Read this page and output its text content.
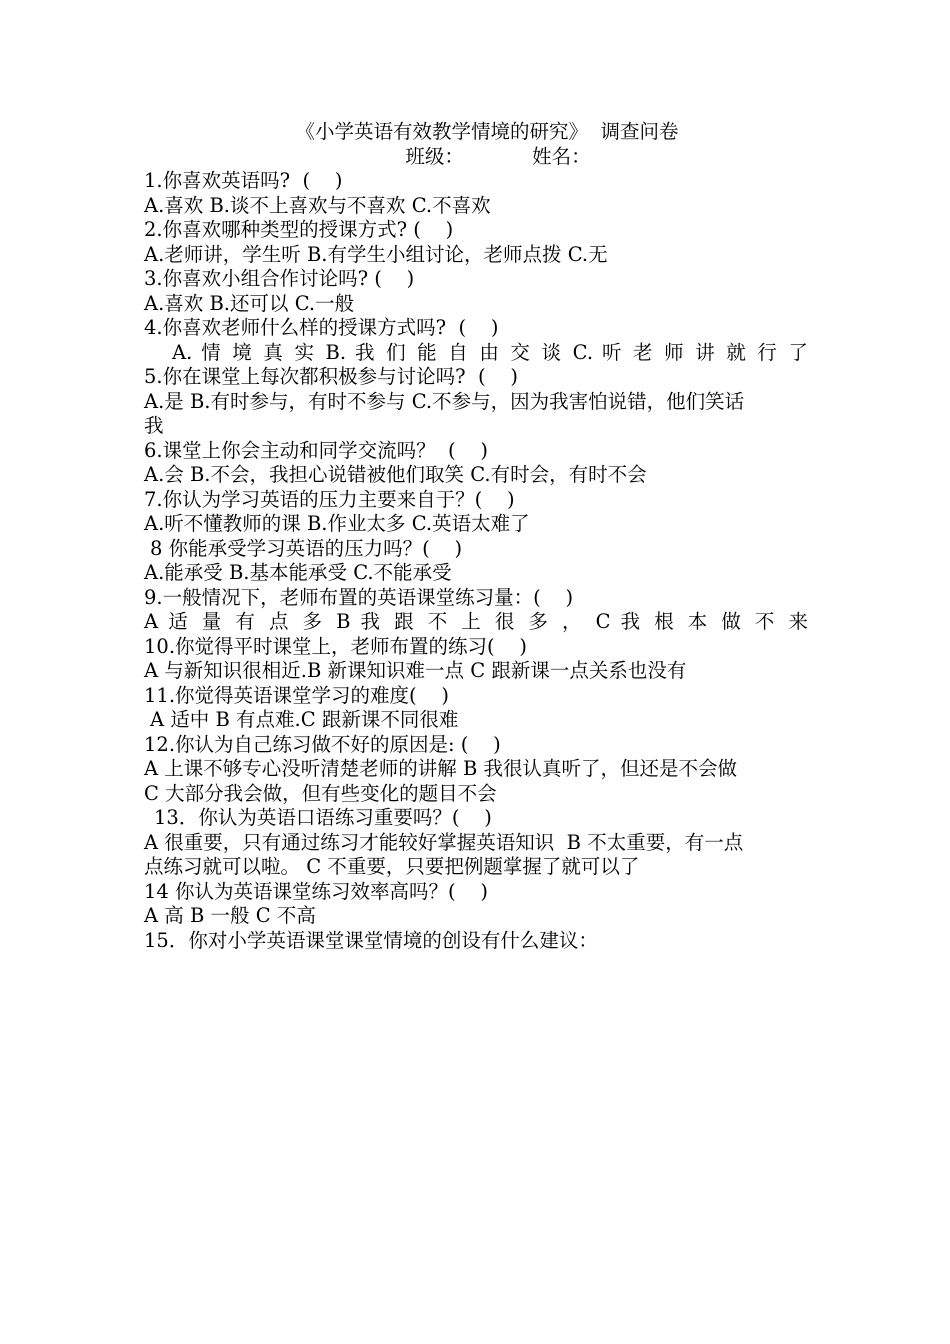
《小学英语有效教学情境的研究》  调查问卷
班级：           姓名：
1.你喜欢英语吗?  (    )
A.喜欢 B.谈不上喜欢与不喜欢 C.不喜欢
2.你喜欢哪种类型的授课方式? (    )
A.老师讲，学生听 B.有学生小组讨论，老师点拨 C.无
3.你喜欢小组合作讨论吗? (    )
A.喜欢 B.还可以 C.一般
4.你喜欢老师什么样的授课方式吗?  (    )
A. 情 境 真 实 B. 我 们 能 自 由 交 谈 C. 听 老 师 讲 就 行 了
5.你在课堂上每次都积极参与讨论吗?  (    )
A.是 B.有时参与，有时不参与 C.不参与，因为我害怕说错，他们笑话
我
6.课堂上你会主动和同学交流吗？  (    )
A.会 B.不会，我担心说错被他们取笑 C.有时会，有时不会
7.你认为学习英语的压力主要来自于？(    )
A.听不懂教师的课 B.作业太多 C.英语太难了
8 你能承受学习英语的压力吗？(    )
A.能承受 B.基本能承受 C.不能承受
9.一般情况下，老师布置的英语课堂练习量：(    )
A 适 量 有 点 多 B 我 跟 不 上 很 多 ， C 我 根 本 做 不 来
10.你觉得平时课堂上，老师布置的练习(    )
A 与新知识很相近.B 新课知识难一点 C 跟新课一点关系也没有
11.你觉得英语课堂学习的难度(    )
A 适中 B 有点难.C 跟新课不同很难
12.你认为自己练习做不好的原因是: (    )
A 上课不够专心没听清楚老师的讲解 B 我很认真听了，但还是不会做
C 大部分我会做，但有些变化的题目不会
13．你认为英语口语练习重要吗？(    )
A 很重要，只有通过练习才能较好掌握英语知识  B 不太重要，有一点
点练习就可以啦。 C 不重要，只要把例题掌握了就可以了
14 你认为英语课堂练习效率高吗？(    )
A 高 B 一般 C 不高
15．你对小学英语课堂课堂情境的创设有什么建议：
